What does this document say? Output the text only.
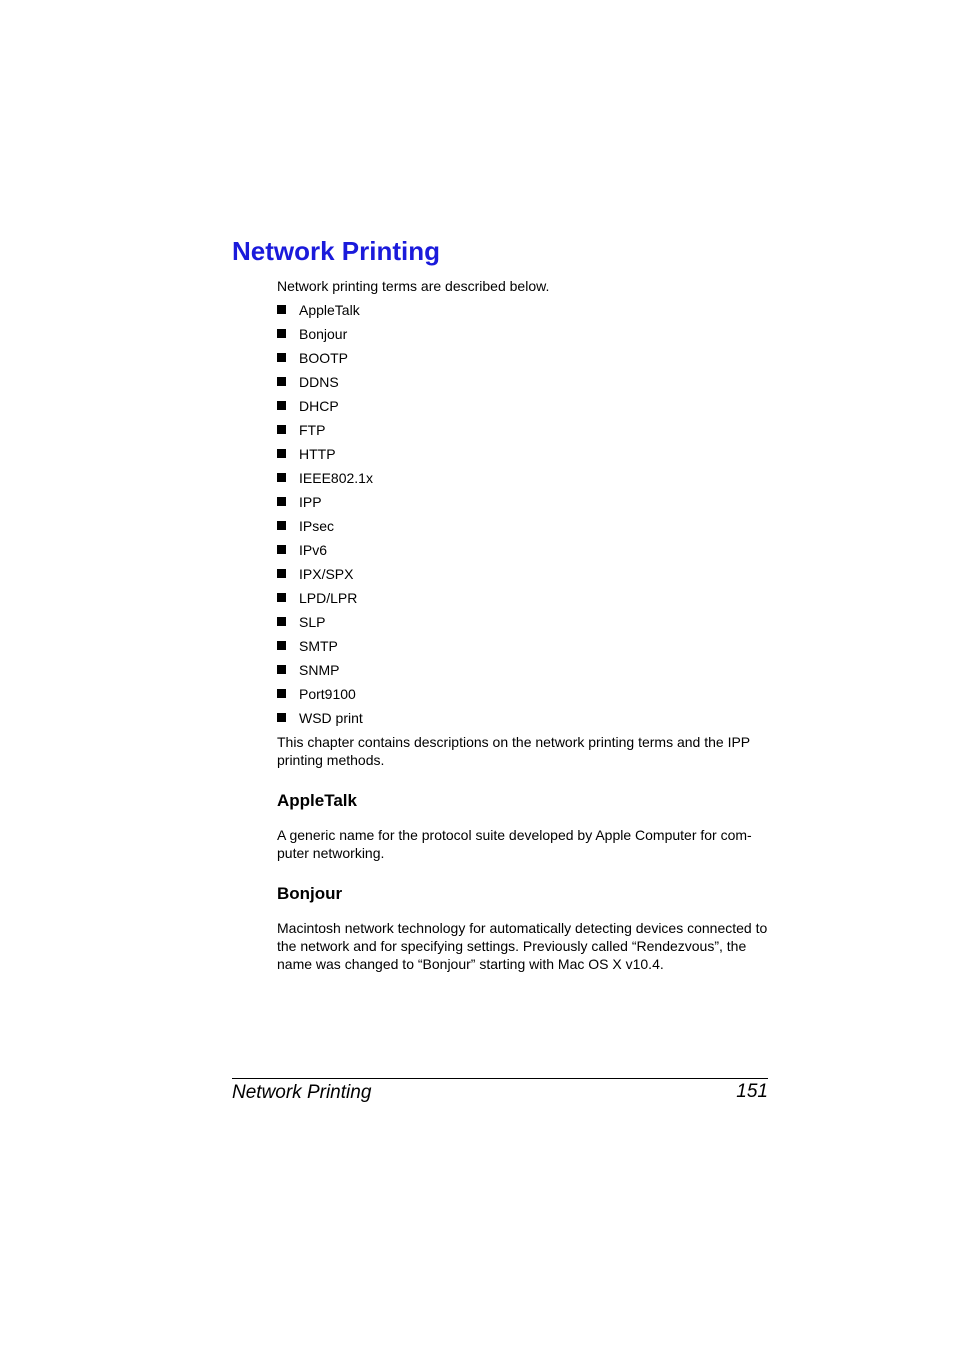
Network Printing

Network printing terms are described below.

AppleTalk
Bonjour
BOOTP
DDNS
DHCP
FTP
HTTP
IEEE802.1x
IPP
IPsec
IPv6
IPX/SPX
LPD/LPR
SLP
SMTP
SNMP
Port9100
WSD print

This chapter contains descriptions on the network printing terms and the IPP printing methods.

AppleTalk

A generic name for the protocol suite developed by Apple Computer for com- puter networking.

Bonjour

Macintosh network technology for automatically detecting devices connected to the network and for specifying settings. Previously called “Rendezvous”, the name was changed to “Bonjour” starting with Mac OS X v10.4.

Network Printing	151
